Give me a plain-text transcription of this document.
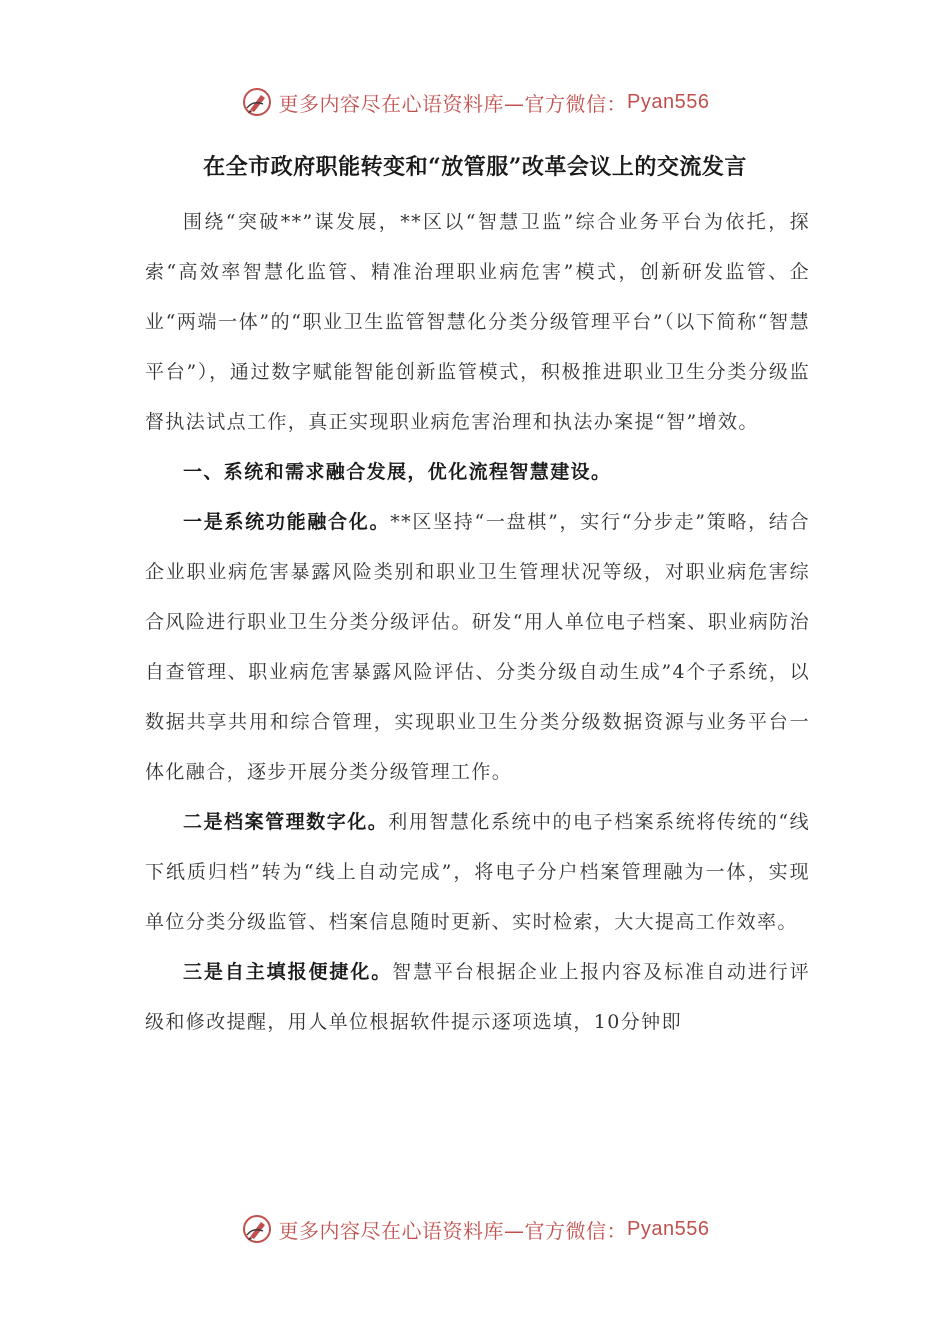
更多内容尽在心语资料库—官方微信： Pyan556
在全市政府职能转变和“放管服”改革会议上的交流发言

围绕“突破**”谋发展，**区以“智慧卫监”综合业务平台为依托，探索“高效率智慧化监管、精准治理职业病危害”模式，创新研发监管、企业“两端一体”的“职业卫生监管智慧化分类分级管理平台”（以下简称“智慧平台”），通过数字赋能智能创新监管模式，积极推进职业卫生分类分级监督执法试点工作，真正实现职业病危害治理和执法办案提“智”增效。

一、系统和需求融合发展，优化流程智慧建设。

一是系统功能融合化。**区坚持“一盘棋”，实行“分步走”策略，结合企业职业病危害暴露风险类别和职业卫生管理状况等级，对职业病危害综合风险进行职业卫生分类分级评估。研发“用人单位电子档案、职业病防治自查管理、职业病危害暴露风险评估、分类分级自动生成”4个子系统，以数据共享共用和综合管理，实现职业卫生分类分级数据资源与业务平台一体化融合，逐步开展分类分级管理工作。

二是档案管理数字化。利用智慧化系统中的电子档案系统将传统的“线下纸质归档”转为“线上自动完成”，将电子分户档案管理融为一体，实现单位分类分级监管、档案信息随时更新、实时检索，大大提高工作效率。

三是自主填报便捷化。智慧平台根据企业上报内容及标准自动进行评级和修改提醒，用人单位根据软件提示逐项选填，10分钟即

更多内容尽在心语资料库—官方微信： Pyan556
